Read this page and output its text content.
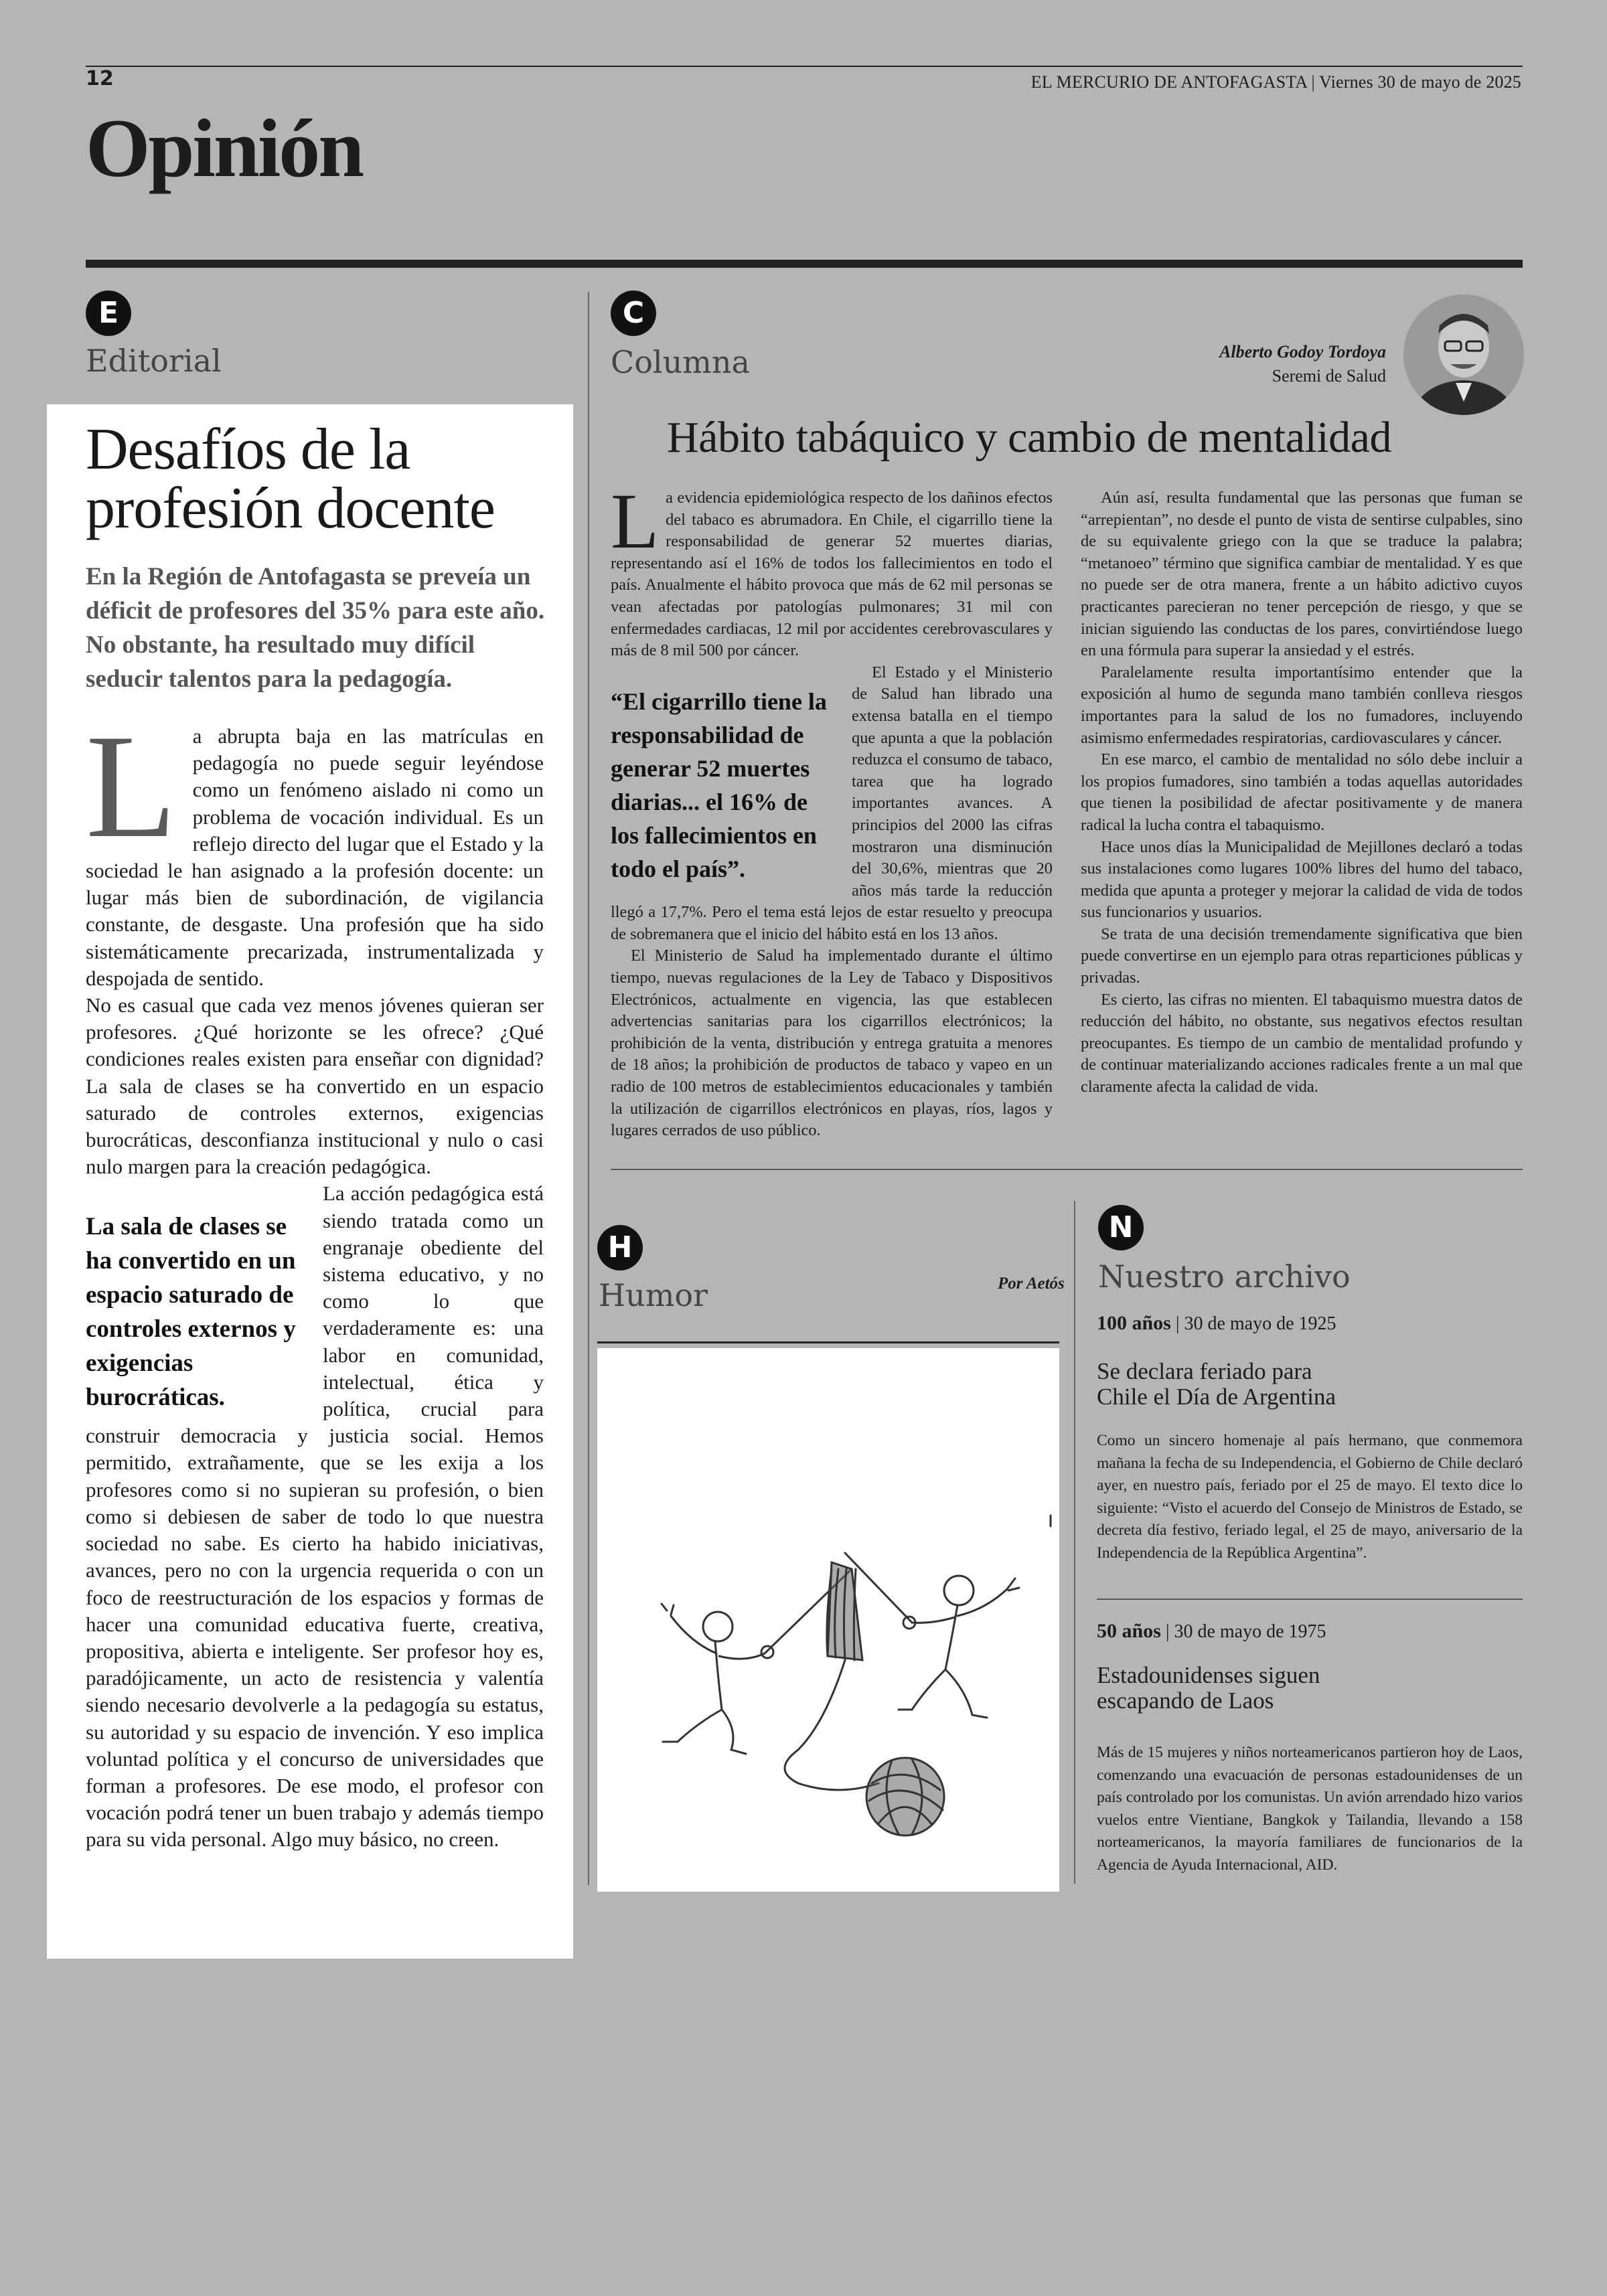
12	EL MERCURIO DE ANTOFAGASTA | Viernes 30 de mayo de 2025
Opinión
E
Editorial
Desafíos de la
profesión docente
En la Región de Antofagasta se preveía un déficit de profesores del 35% para este año. No obstante, ha resultado muy difícil seducir talentos para la pedagogía.
L a abrupta baja en las matrículas en pedagogía no puede seguir leyéndose como un fenómeno aislado ni como un problema de vocación individual. Es un reflejo directo del lugar que el Estado y la sociedad le han asignado a la profesión docente: un lugar más bien de subordinación, de vigilancia constante, de desgaste. Una profesión que ha sido sistemáticamente precarizada, instrumentalizada y despojada de sentido.

No es casual que cada vez menos jóvenes quieran ser profesores. ¿Qué horizonte se les ofrece? ¿Qué condiciones reales existen para enseñar con dignidad? La sala de clases se ha convertido en un espacio saturado de controles externos, exigencias burocráticas, desconfianza institucional y nulo o casi nulo margen para la creación pedagógica.

La sala de clases se ha convertido en un espacio saturado de controles externos y exigencias burocráticas.

La acción pedagógica está siendo tratada como un engranaje obediente del sistema educativo, y no como lo que verdaderamente es: una labor en comunidad, intelectual, ética y política, crucial para construir democracia y justicia social. Hemos permitido, extrañamente, que se les exija a los profesores como si no supieran su profesión, o bien como si debiesen de saber de todo lo que nuestra sociedad no sabe. Es cierto ha habido iniciativas, avances, pero no con la urgencia requerida o con un foco de reestructuración de los espacios y formas de hacer una comunidad educativa fuerte, creativa, propositiva, abierta e inteligente. Ser profesor hoy es, paradójicamente, un acto de resistencia y valentía siendo necesario devolverle a la pedagogía su estatus, su autoridad y su espacio de invención. Y eso implica voluntad política y el concurso de universidades que forman a profesores. De ese modo, el profesor con vocación podrá tener un buen trabajo y además tiempo para su vida personal. Algo muy básico, no creen.

C
Columna	Alberto Godoy Tordoya
Seremi de Salud
Hábito tabáquico y cambio de mentalidad
L a evidencia epidemiológica respecto de los dañinos efectos del tabaco es abrumadora. En Chile, el cigarrillo tiene la responsabilidad de generar 52 muertes diarias, representando así el 16% de todos los fallecimientos en todo el país. Anualmente el hábito provoca que más de 62 mil personas se vean afectadas por patologías pulmonares; 31 mil con enfermedades cardiacas, 12 mil por accidentes cerebrovasculares y más de 8 mil 500 por cáncer.

“El cigarrillo tiene la responsabilidad de generar 52 muertes diarias... el 16% de los fallecimientos en todo el país”.

El Estado y el Ministerio de Salud han librado una extensa batalla en el tiempo que apunta a que la población reduzca el consumo de tabaco, tarea que ha logrado importantes avances. A principios del 2000 las cifras mostraron una disminución del 30,6%, mientras que 20 años más tarde la reducción llegó a 17,7%. Pero el tema está lejos de estar resuelto y preocupa de sobremanera que el inicio del hábito está en los 13 años.

El Ministerio de Salud ha implementado durante el último tiempo, nuevas regulaciones de la Ley de Tabaco y Dispositivos Electrónicos, actualmente en vigencia, las que establecen advertencias sanitarias para los cigarrillos electrónicos; la prohibición de la venta, distribución y entrega gratuita a menores de 18 años; la prohibición de productos de tabaco y vapeo en un radio de 100 metros de establecimientos educacionales y también la utilización de cigarrillos electrónicos en playas, ríos, lagos y lugares cerrados de uso público.

Aún así, resulta fundamental que las personas que fuman se “arrepientan”, no desde el punto de vista de sentirse culpables, sino de su equivalente griego con la que se traduce la palabra; “metanoeo” término que significa cambiar de mentalidad. Y es que no puede ser de otra manera, frente a un hábito adictivo cuyos practicantes parecieran no tener percepción de riesgo, y que se inician siguiendo las conductas de los pares, convirtiéndose luego en una fórmula para superar la ansiedad y el estrés.

Paralelamente resulta importantísimo entender que la exposición al humo de segunda mano también conlleva riesgos importantes para la salud de los no fumadores, incluyendo asimismo enfermedades respiratorias, cardiovasculares y cáncer.

En ese marco, el cambio de mentalidad no sólo debe incluir a los propios fumadores, sino también a todas aquellas autoridades que tienen la posibilidad de afectar positivamente y de manera radical la lucha contra el tabaquismo.

Hace unos días la Municipalidad de Mejillones declaró a todas sus instalaciones como lugares 100% libres del humo del tabaco, medida que apunta a proteger y mejorar la calidad de vida de todos sus funcionarios y usuarios.

Se trata de una decisión tremendamente significativa que bien puede convertirse en un ejemplo para otras reparticiones públicas y privadas.

Es cierto, las cifras no mienten. El tabaquismo muestra datos de reducción del hábito, no obstante, sus negativos efectos resultan preocupantes. Es tiempo de un cambio de mentalidad profundo y de continuar materializando acciones radicales frente a un mal que claramente afecta la calidad de vida.

H
Humor	Por Aetós
N
Nuestro archivo
100 años | 30 de mayo de 1925
Se declara feriado para
Chile el Día de Argentina

Como un sincero homenaje al país hermano, que conmemora mañana la fecha de su Independencia, el Gobierno de Chile declaró ayer, en nuestro país, feriado por el 25 de mayo. El texto dice lo siguiente: “Visto el acuerdo del Consejo de Ministros de Estado, se decreta día festivo, feriado legal, el 25 de mayo, aniversario de la Independencia de la República Argentina”.

50 años | 30 de mayo de 1975
Estadounidenses siguen
escapando de Laos

Más de 15 mujeres y niños norteamericanos partieron hoy de Laos, comenzando una evacuación de personas estadounidenses de un país controlado por los comunistas. Un avión arrendado hizo varios vuelos entre Vientiane, Bangkok y Tailandia, llevando a 158 norteamericanos, la mayoría familiares de funcionarios de la Agencia de Ayuda Internacional, AID.
